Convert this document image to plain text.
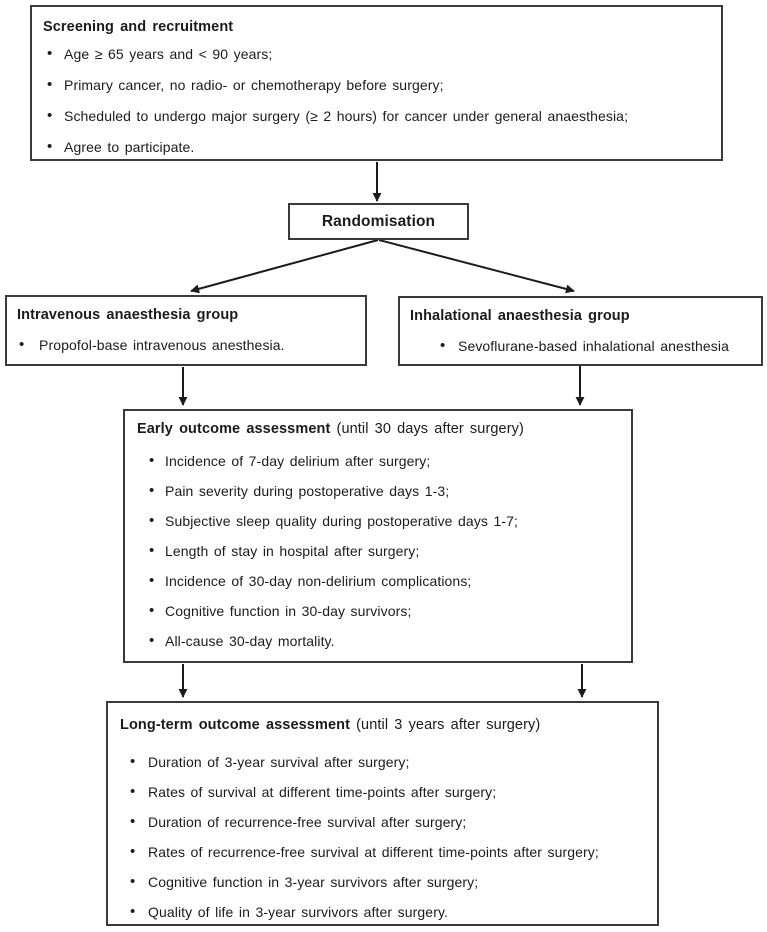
Screening and recruitment
• Age ≥ 65 years and < 90 years;
• Primary cancer, no radio- or chemotherapy before surgery;
• Scheduled to undergo major surgery (≥ 2 hours) for cancer under general anaesthesia;
• Agree to participate.
Randomisation
Intravenous anaesthesia group
• Propofol-base intravenous anesthesia.
Inhalational anaesthesia group
• Sevoflurane-based inhalational anesthesia
Early outcome assessment (until 30 days after surgery)
• Incidence of 7-day delirium after surgery;
• Pain severity during postoperative days 1-3;
• Subjective sleep quality during postoperative days 1-7;
• Length of stay in hospital after surgery;
• Incidence of 30-day non-delirium complications;
• Cognitive function in 30-day survivors;
• All-cause 30-day mortality.
Long-term outcome assessment (until 3 years after surgery)
• Duration of 3-year survival after surgery;
• Rates of survival at different time-points after surgery;
• Duration of recurrence-free survival after surgery;
• Rates of recurrence-free survival at different time-points after surgery;
• Cognitive function in 3-year survivors after surgery;
• Quality of life in 3-year survivors after surgery.
